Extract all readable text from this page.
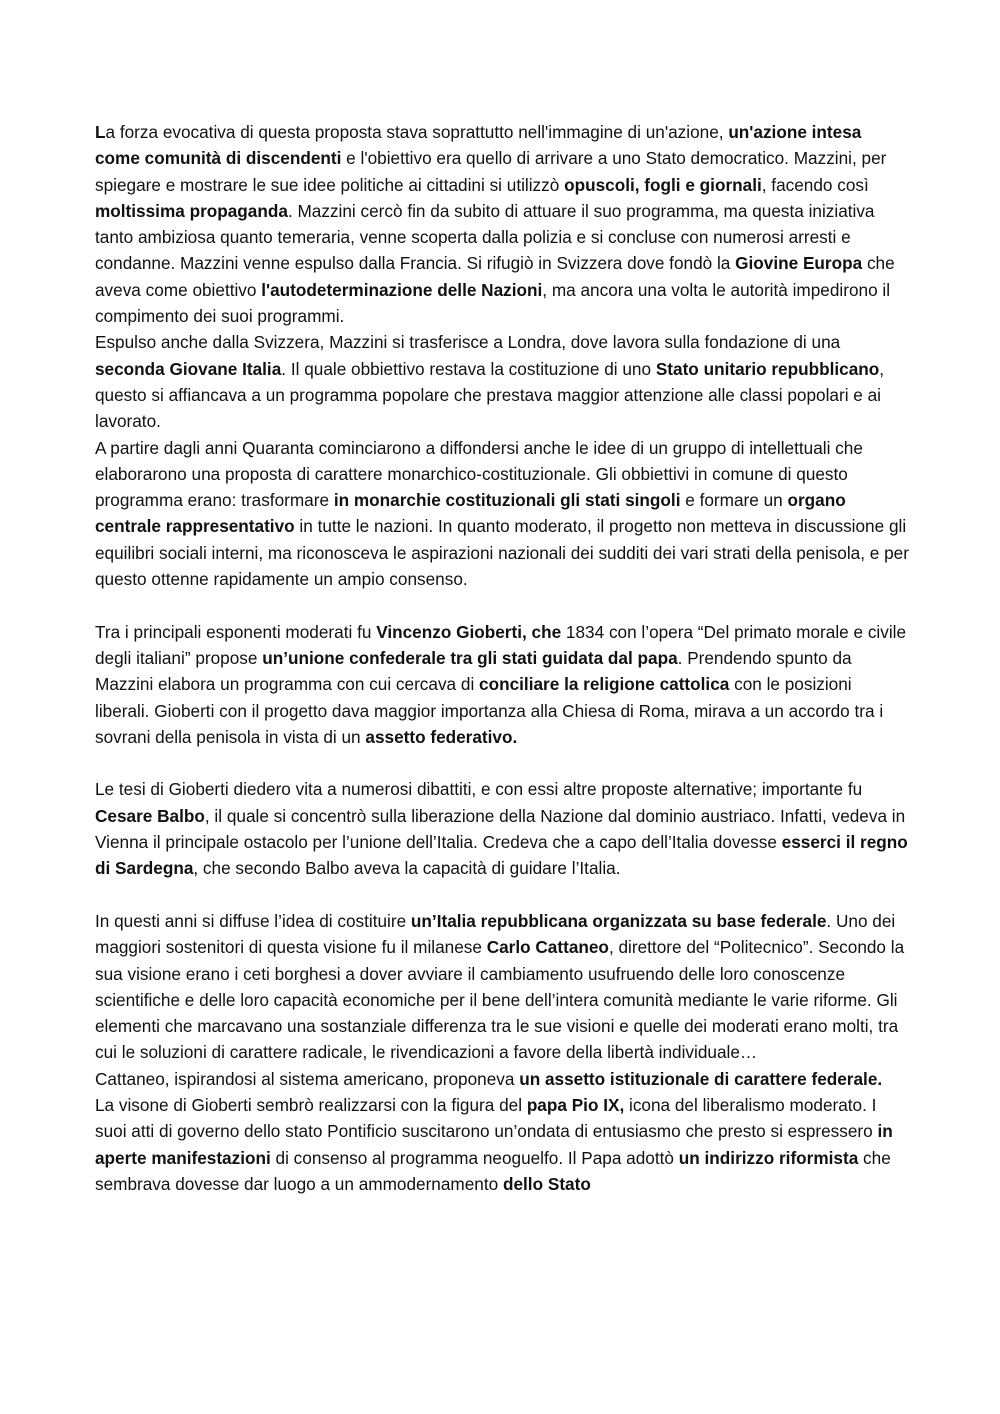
La forza evocativa di questa proposta stava soprattutto nell'immagine di un'azione, un'azione intesa come comunità di discendenti e l'obiettivo era quello di arrivare a uno Stato democratico. Mazzini, per spiegare e mostrare le sue idee politiche ai cittadini si utilizzò opuscoli, fogli e giornali, facendo così moltissima propaganda. Mazzini cercò fin da subito di attuare il suo programma, ma questa iniziativa tanto ambiziosa quanto temeraria, venne scoperta dalla polizia e si concluse con numerosi arresti e condanne. Mazzini venne espulso dalla Francia. Si rifugiò in Svizzera dove fondò la Giovine Europa che aveva come obiettivo l'autodeterminazione delle Nazioni, ma ancora una volta le autorità impedirono il compimento dei suoi programmi.

Espulso anche dalla Svizzera, Mazzini si trasferisce a Londra, dove lavora sulla fondazione di una seconda Giovane Italia. Il quale obbiettivo restava la costituzione di uno Stato unitario repubblicano, questo si affiancava a un programma popolare che prestava maggior attenzione alle classi popolari e ai lavorato.

A partire dagli anni Quaranta cominciarono a diffondersi anche le idee di un gruppo di intellettuali che elaborarono una proposta di carattere monarchico-costituzionale. Gli obbiettivi in comune di questo programma erano: trasformare in monarchie costituzionali gli stati singoli e formare un organo centrale rappresentativo in tutte le nazioni. In quanto moderato, il progetto non metteva in discussione gli equilibri sociali interni, ma riconosceva le aspirazioni nazionali dei sudditi dei vari strati della penisola, e per questo ottenne rapidamente un ampio consenso.

Tra i principali esponenti moderati fu Vincenzo Gioberti, che 1834 con l’opera “Del primato morale e civile degli italiani” propose un’unione confederale tra gli stati guidata dal papa. Prendendo spunto da Mazzini elabora un programma con cui cercava di conciliare la religione cattolica con le posizioni liberali. Gioberti con il progetto dava maggior importanza alla Chiesa di Roma, mirava a un accordo tra i sovrani della penisola in vista di un assetto federativo.

Le tesi di Gioberti diedero vita a numerosi dibattiti, e con essi altre proposte alternative; importante fu Cesare Balbo, il quale si concentrò sulla liberazione della Nazione dal dominio austriaco. Infatti, vedeva in Vienna il principale ostacolo per l’unione dell’Italia. Credeva che a capo dell’Italia dovesse esserci il regno di Sardegna, che secondo Balbo aveva la capacità di guidare l’Italia.

In questi anni si diffuse l’idea di costituire un’Italia repubblicana organizzata su base federale. Uno dei maggiori sostenitori di questa visione fu il milanese Carlo Cattaneo, direttore del “Politecnico”. Secondo la sua visione erano i ceti borghesi a dover avviare il cambiamento usufruendo delle loro conoscenze scientifiche e delle loro capacità economiche per il bene dell’intera comunità mediante le varie riforme. Gli elementi che marcavano una sostanziale differenza tra le sue visioni e quelle dei moderati erano molti, tra cui le soluzioni di carattere radicale, le rivendicazioni a favore della libertà individuale…

Cattaneo, ispirandosi al sistema americano, proponeva un assetto istituzionale di carattere federale.

La visone di Gioberti sembrò realizzarsi con la figura del papa Pio IX, icona del liberalismo moderato. I suoi atti di governo dello stato Pontificio suscitarono un’ondata di entusiasmo che presto si espressero in aperte manifestazioni di consenso al programma neoguelfo. Il Papa adottò un indirizzo riformista che sembrava dovesse dar luogo a un ammodernamento dello Stato
